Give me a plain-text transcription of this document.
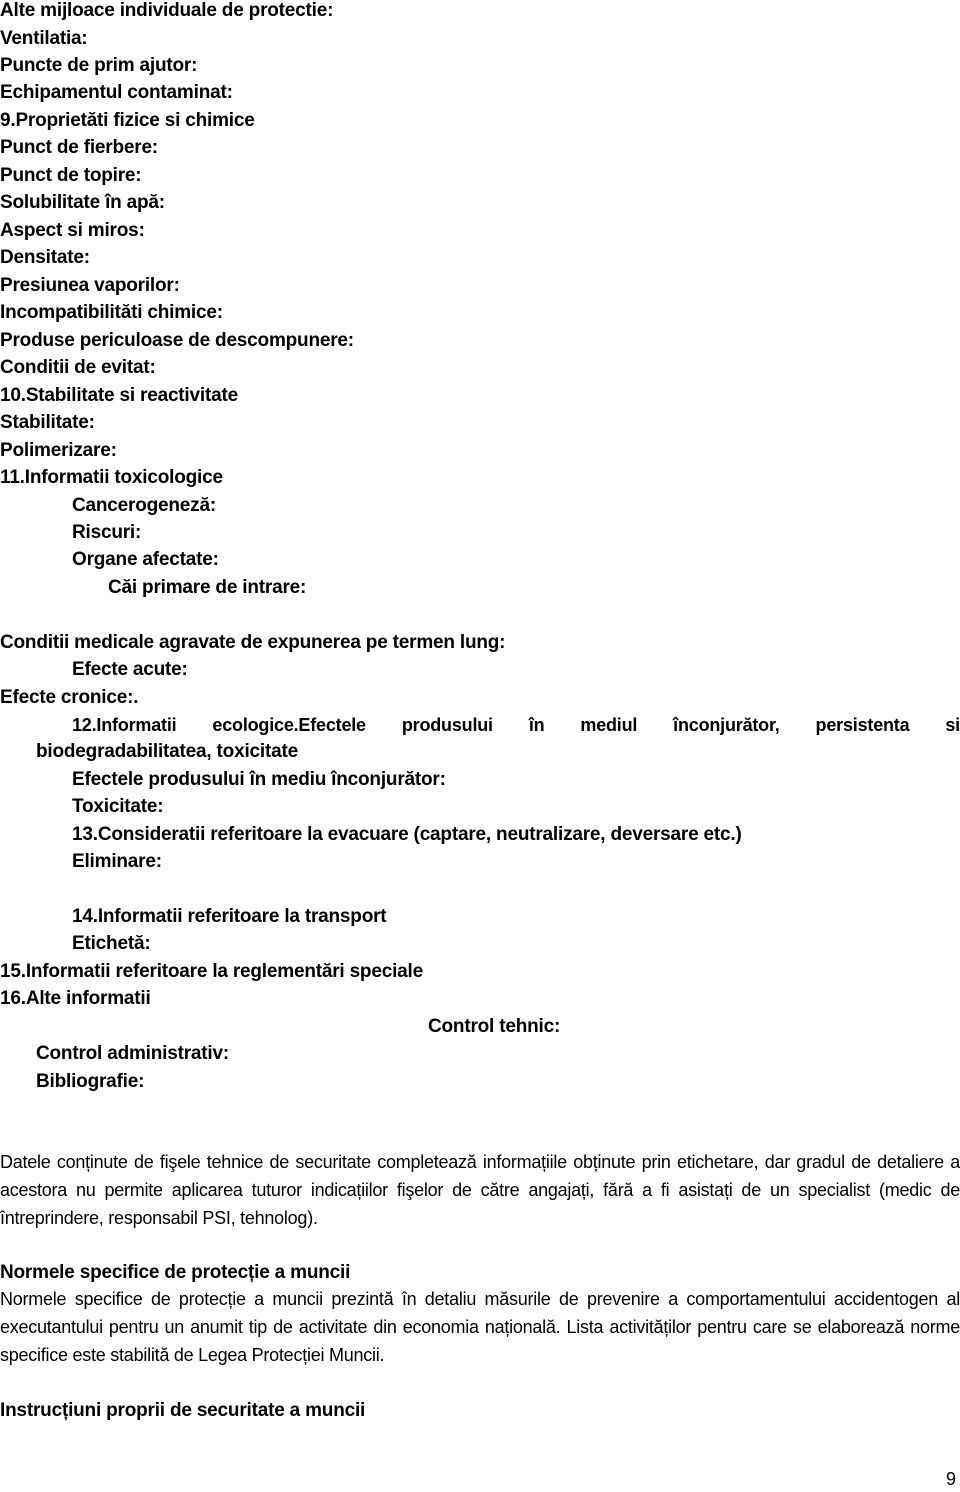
Alte mijloace individuale de protectie:
Ventilatia:
Puncte de prim ajutor:
Echipamentul contaminat:
9.Proprietăti fizice si chimice
Punct de fierbere:
Punct de topire:
Solubilitate în apă:
Aspect si miros:
Densitate:
Presiunea vaporilor:
Incompatibilităti chimice:
Produse periculoase de descompunere:
Conditii de evitat:
10.Stabilitate si reactivitate
Stabilitate:
Polimerizare:
11.Informatii toxicologice
Cancerogeneză:
Riscuri:
Organe afectate:
Căi primare de intrare:
Conditii medicale agravate de expunerea pe termen lung:
Efecte acute:
Efecte cronice:.
12.Informatii ecologice.Efectele produsului în mediul înconjurător, persistenta si
biodegradabilitatea, toxicitate
Efectele produsului în mediu înconjurător:
Toxicitate:
13.Consideratii referitoare la evacuare (captare, neutralizare, deversare etc.)
Eliminare:
14.Informatii referitoare la transport
Etichetă:
15.Informatii referitoare la reglementări speciale
16.Alte informatii
Control tehnic:
Control administrativ:
Bibliografie:
Datele conținute de fişele tehnice de securitate completează informațiile obținute prin etichetare, dar gradul de detaliere a acestora nu permite aplicarea tuturor indicațiilor fişelor de către angajați, fără a fi asistați de un specialist (medic de întreprindere, responsabil PSI, tehnolog).
Normele specifice de protecție a muncii
Normele specifice de protecție a muncii prezintă în detaliu măsurile de prevenire a comportamentului accidentogen al executantului pentru un anumit tip de activitate din economia națională. Lista activităților pentru care se elaborează norme specifice este stabilită de Legea Protecției Muncii.
Instrucțiuni proprii de securitate a muncii
9
